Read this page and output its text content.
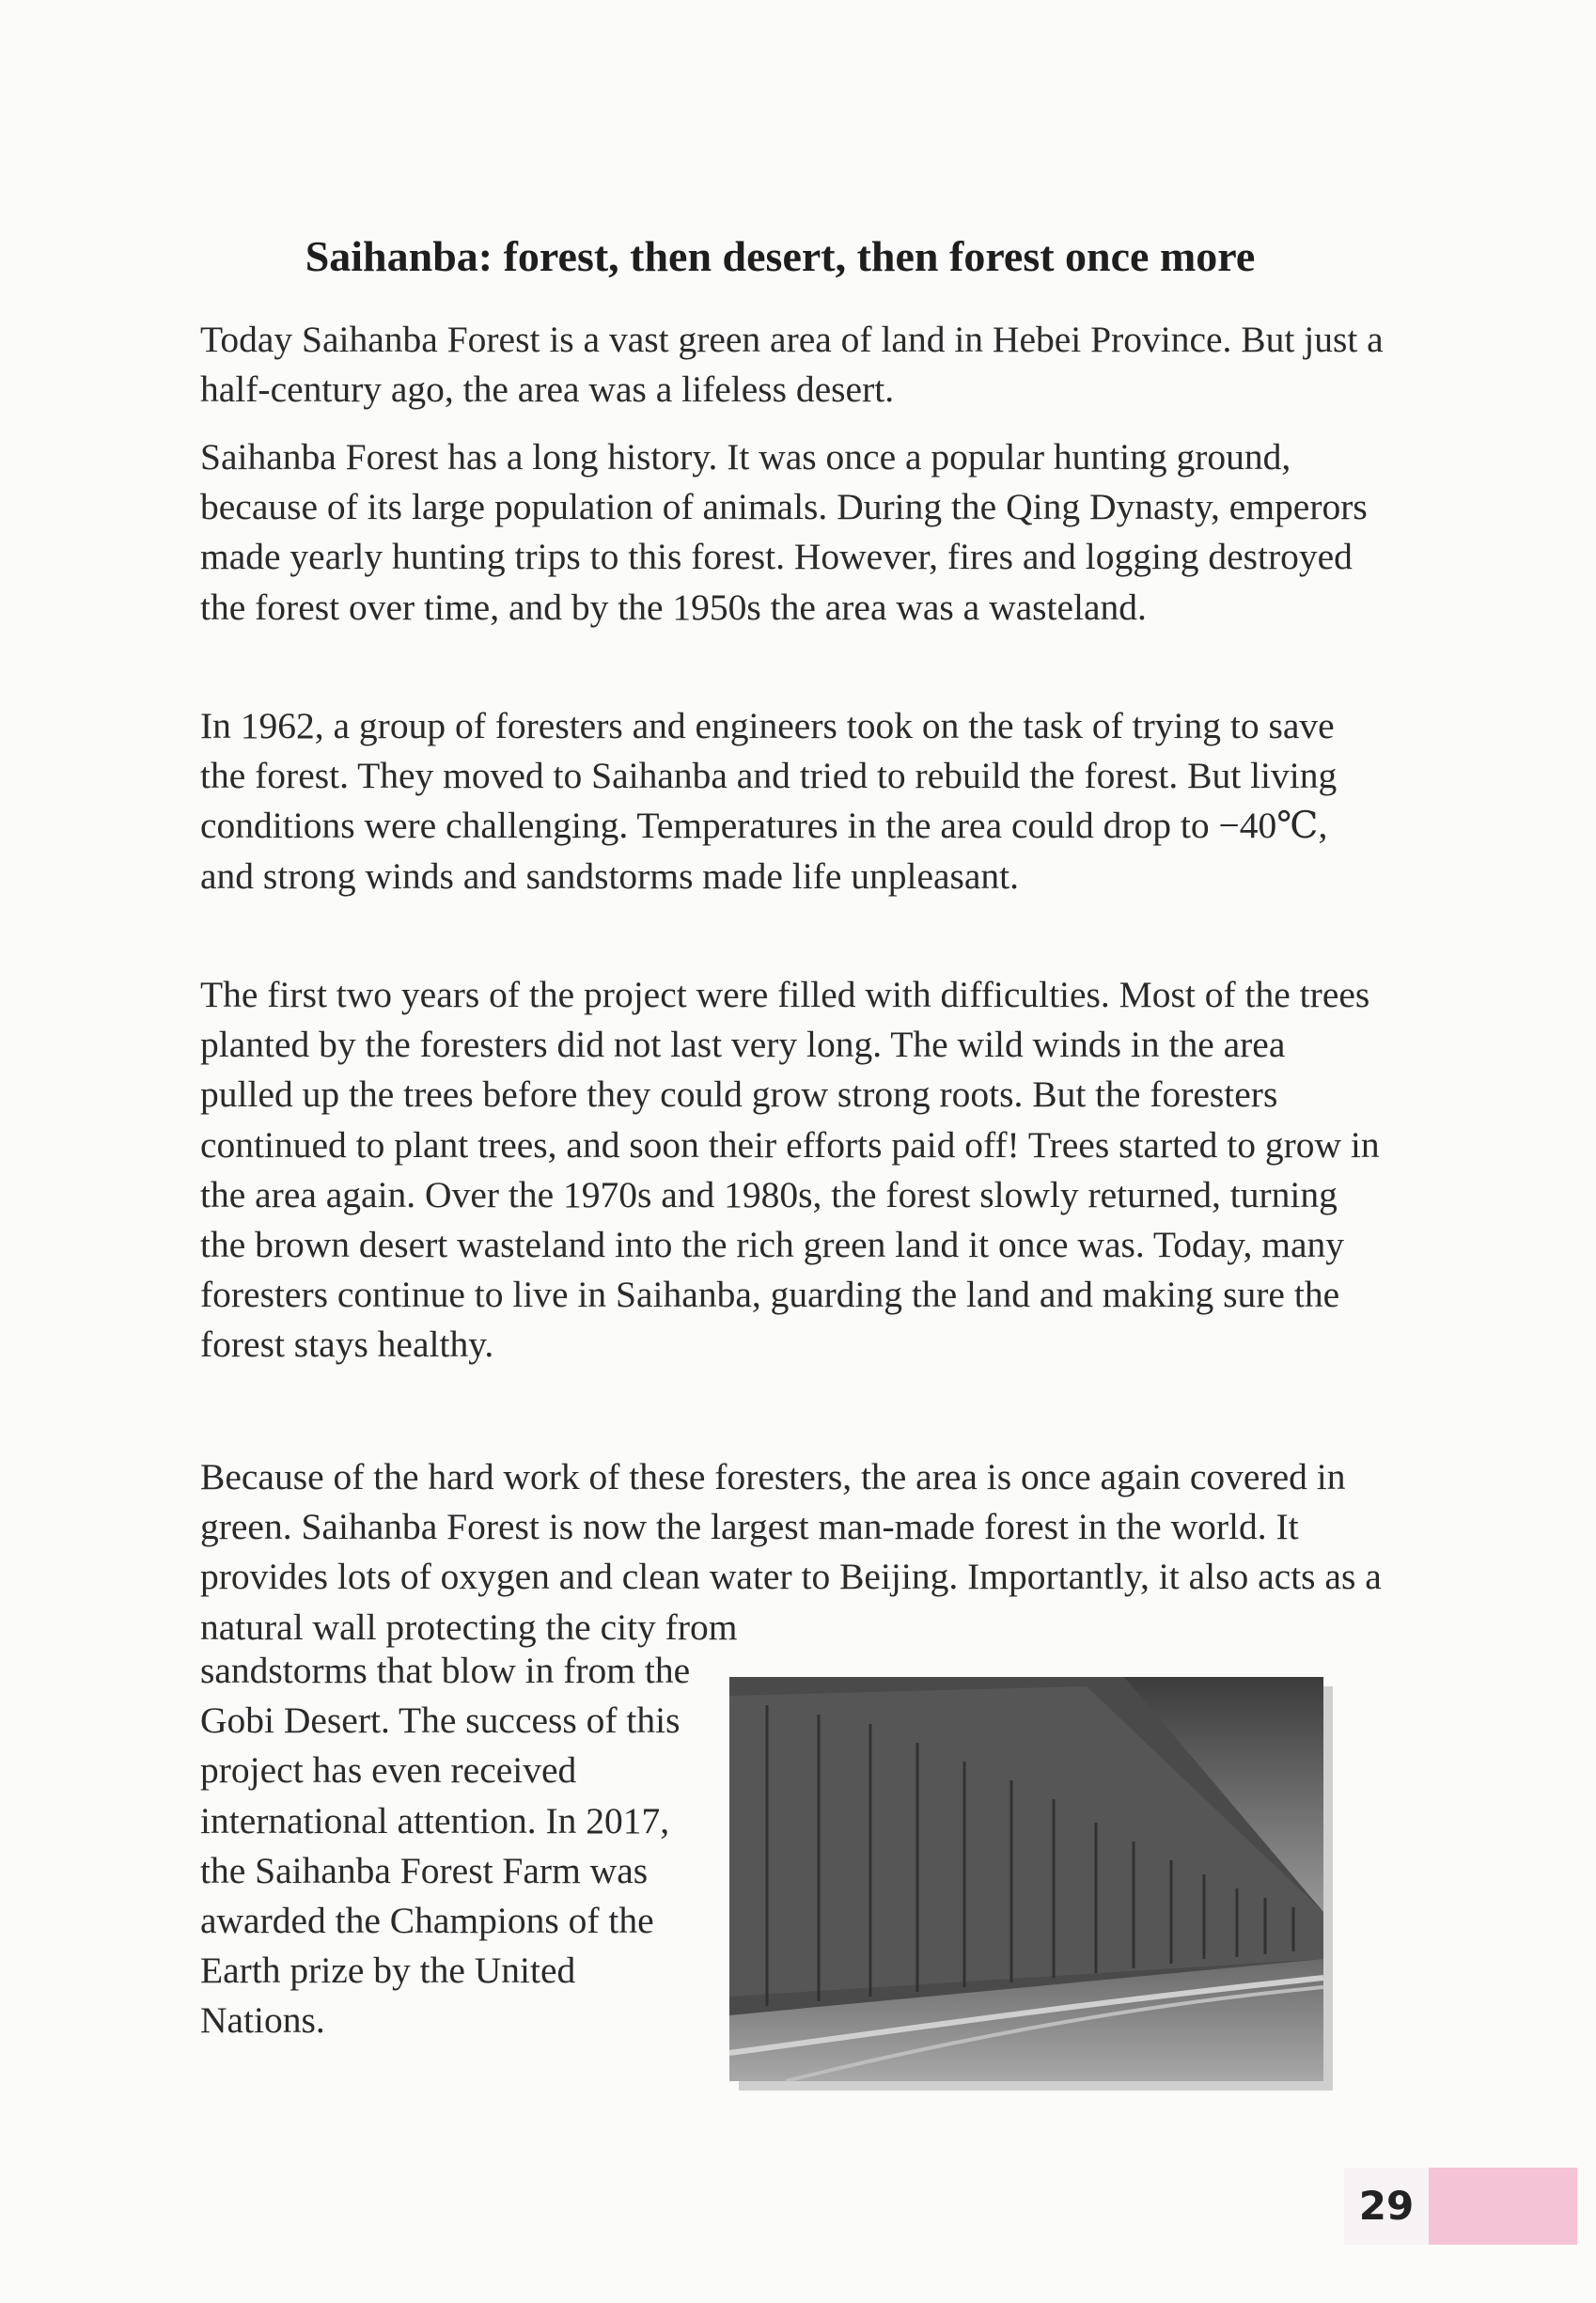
Saihanba: forest, then desert, then forest once more

Today Saihanba Forest is a vast green area of land in Hebei Province. But just a half-century ago, the area was a lifeless desert.

Saihanba Forest has a long history. It was once a popular hunting ground, because of its large population of animals. During the Qing Dynasty, emperors made yearly hunting trips to this forest. However, fires and logging destroyed the forest over time, and by the 1950s the area was a wasteland.

In 1962, a group of foresters and engineers took on the task of trying to save the forest. They moved to Saihanba and tried to rebuild the forest. But living conditions were challenging. Temperatures in the area could drop to −40℃, and strong winds and sandstorms made life unpleasant.

The first two years of the project were filled with difficulties. Most of the trees planted by the foresters did not last very long. The wild winds in the area pulled up the trees before they could grow strong roots. But the foresters continued to plant trees, and soon their efforts paid off! Trees started to grow in the area again. Over the 1970s and 1980s, the forest slowly returned, turning the brown desert wasteland into the rich green land it once was. Today, many foresters continue to live in Saihanba, guarding the land and making sure the forest stays healthy.

Because of the hard work of these foresters, the area is once again covered in green. Saihanba Forest is now the largest man-made forest in the world. It provides lots of oxygen and clean water to Beijing. Importantly, it also acts as a natural wall protecting the city from

sandstorms that blow in from the Gobi Desert. The success of this project has even received international attention. In 2017, the Saihanba Forest Farm was awarded the Champions of the Earth prize by the United Nations.

29
